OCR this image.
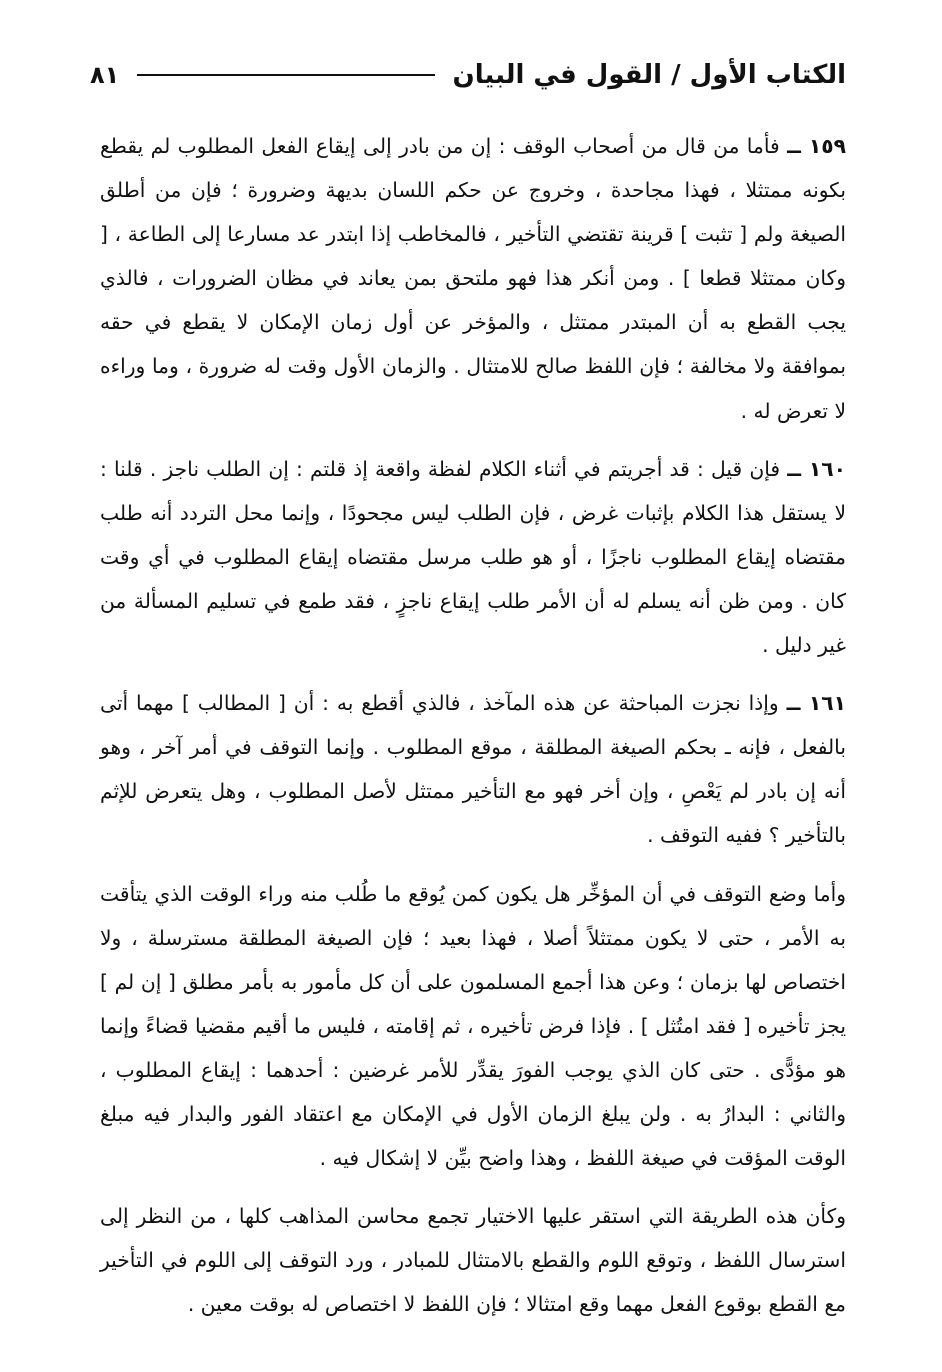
الكتاب الأول / القول في البيان
٨١

١٥٩ ــ فأما من قال من أصحاب الوقف : إن من بادر إلى إيقاع الفعل المطلوب لم يقطع بكونه ممتثلا ، فهذا مجاحدة ، وخروج عن حكم اللسان بديهة وضرورة ؛ فإن من أطلق الصيغة ولم [ تثبت ] قرينة تقتضي التأخير ، فالمخاطب إذا ابتدر عد مسارعا إلى الطاعة ، [ وكان ممتثلا قطعا ] . ومن أنكر هذا فهو ملتحق بمن يعاند في مظان الضرورات ، فالذي يجب القطع به أن المبتدر ممتثل ، والمؤخر عن أول زمان الإمكان لا يقطع في حقه بموافقة ولا مخالفة ؛ فإن اللفظ صالح للامتثال . والزمان الأول وقت له ضرورة ، وما وراءه لا تعرض له .

١٦٠ ــ فإن قيل : قد أجريتم في أثناء الكلام لفظة واقعة إذ قلتم : إن الطلب ناجز . قلنا : لا يستقل هذا الكلام بإثبات غرض ، فإن الطلب ليس مجحودًا ، وإنما محل التردد أنه طلب مقتضاه إيقاع المطلوب ناجزًا ، أو هو طلب مرسل مقتضاه إيقاع المطلوب في أي وقت كان . ومن ظن أنه يسلم له أن الأمر طلب إيقاع ناجزٍ ، فقد طمع في تسليم المسألة من غير دليل .

١٦١ ــ وإذا نجزت المباحثة عن هذه المآخذ ، فالذي أقطع به : أن [ المطالب ] مهما أتى بالفعل ، فإنه ـ بحكم الصيغة المطلقة ، موقع المطلوب . وإنما التوقف في أمر آخر ، وهو أنه إن بادر لم يَعْصِ ، وإن أخر فهو مع التأخير ممتثل لأصل المطلوب ، وهل يتعرض للإثم بالتأخير ؟ ففيه التوقف .

وأما وضع التوقف في أن المؤخِّر هل يكون كمن يُوقع ما طُلب منه وراء الوقت الذي يتأقت به الأمر ، حتى لا يكون ممتثلاً أصلا ، فهذا بعيد ؛ فإن الصيغة المطلقة مسترسلة ، ولا اختصاص لها بزمان ؛ وعن هذا أجمع المسلمون على أن كل مأمور به بأمر مطلق [ إن لم ] يجز تأخيره [ فقد امتُثل ] . فإذا فرض تأخيره ، ثم إقامته ، فليس ما أقيم مقضيا قضاءً وإنما هو مؤدًّى . حتى كان الذي يوجب الفورَ يقدِّر للأمر غرضين : أحدهما : إيقاع المطلوب ، والثاني : البدارُ به . ولن يبلغ الزمان الأول في الإمكان مع اعتقاد الفور والبدار فيه مبلغ الوقت المؤقت في صيغة اللفظ ، وهذا واضح بيِّن لا إشكال فيه .

وكأن هذه الطريقة التي استقر عليها الاختيار تجمع محاسن المذاهب كلها ، من النظر إلى استرسال اللفظ ، وتوقع اللوم والقطع بالامتثال للمبادر ، ورد التوقف إلى اللوم في التأخير مع القطع بوقوع الفعل مهما وقع امتثالا ؛ فإن اللفظ لا اختصاص له بوقت معين .
